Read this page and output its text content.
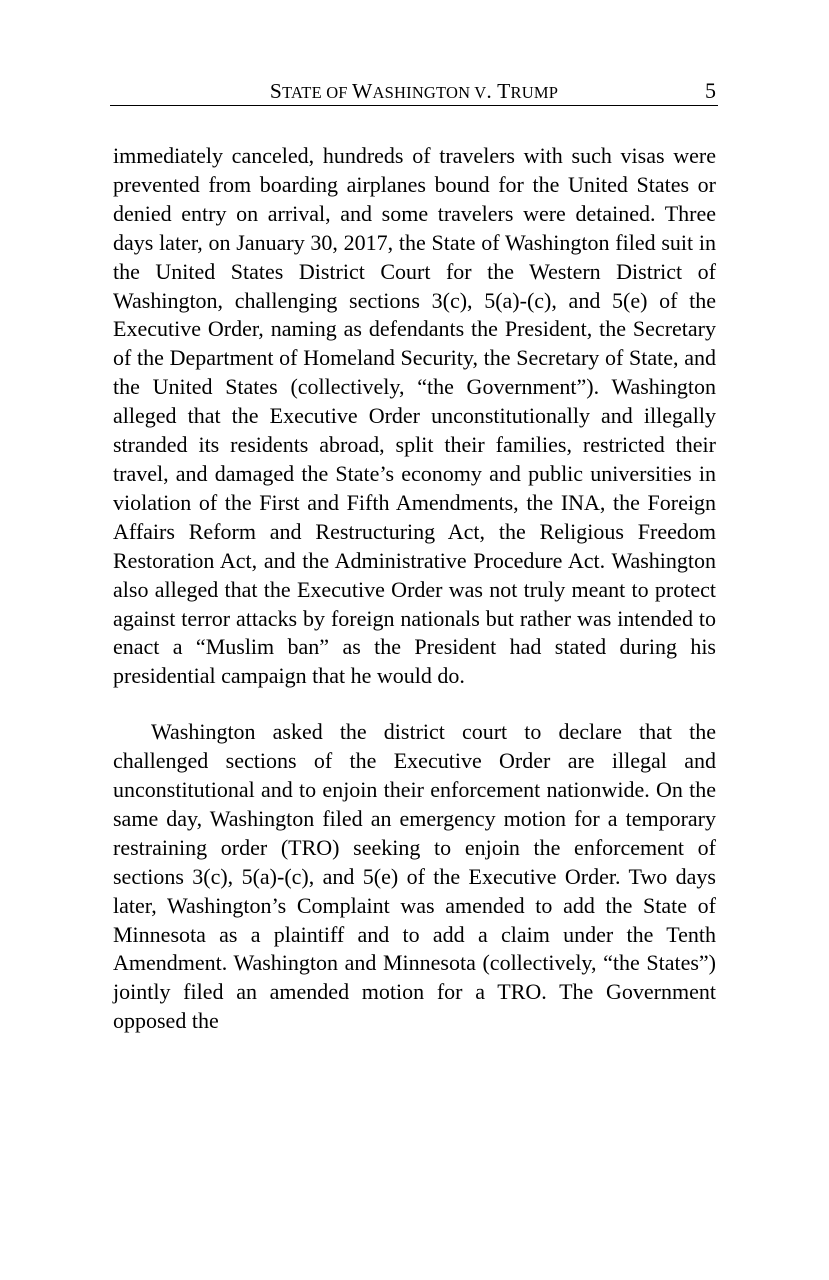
STATE OF WASHINGTON V. TRUMP	5

immediately canceled, hundreds of travelers with such visas were prevented from boarding airplanes bound for the United States or denied entry on arrival, and some travelers were detained. Three days later, on January 30, 2017, the State of Washington filed suit in the United States District Court for the Western District of Washington, challenging sections 3(c), 5(a)-(c), and 5(e) of the Executive Order, naming as defendants the President, the Secretary of the Department of Homeland Security, the Secretary of State, and the United States (collectively, “the Government”). Washington alleged that the Executive Order unconstitutionally and illegally stranded its residents abroad, split their families, restricted their travel, and damaged the State’s economy and public universities in violation of the First and Fifth Amendments, the INA, the Foreign Affairs Reform and Restructuring Act, the Religious Freedom Restoration Act, and the Administrative Procedure Act. Washington also alleged that the Executive Order was not truly meant to protect against terror attacks by foreign nationals but rather was intended to enact a “Muslim ban” as the President had stated during his presidential campaign that he would do.

Washington asked the district court to declare that the challenged sections of the Executive Order are illegal and unconstitutional and to enjoin their enforcement nationwide. On the same day, Washington filed an emergency motion for a temporary restraining order (TRO) seeking to enjoin the enforcement of sections 3(c), 5(a)-(c), and 5(e) of the Executive Order. Two days later, Washington’s Complaint was amended to add the State of Minnesota as a plaintiff and to add a claim under the Tenth Amendment. Washington and Minnesota (collectively, “the States”) jointly filed an amended motion for a TRO. The Government opposed the
